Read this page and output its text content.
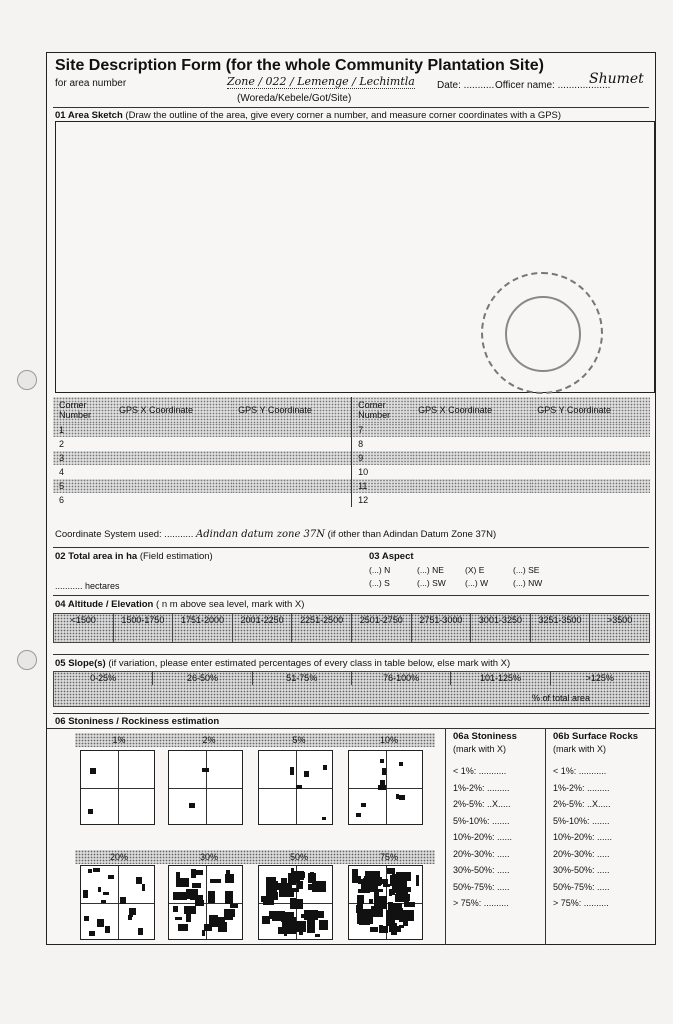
Site Description Form (for the whole Community Plantation Site)
for area number	Zone / 022 / Lemenge / Lechimtla Date: ........... Officer name: ...................
Shumet
(Woreda/Kebele/Got/Site)
01 Area Sketch (Draw the outline of the area, give every corner a number, and measure corner coordinates with a GPS)
Corner Number	GPS X Coordinate	GPS Y Coordinate	Corner Number	GPS X Coordinate	GPS Y Coordinate
1			7		
2			8		
3			9		
4			10		
5			11		
6			12		
Coordinate System used: ........... Adindan datum zone 37N (if other than Adindan Datum Zone 37N)
02 Total area in ha (Field estimation)
........... hectares
03 Aspect
(...) N	(...) NE	(X) E	(...) SE
(...) S	(...) SW	(...) W	(...) NW
04 Altitude / Elevation ( n m above sea level, mark with X)
<1500	1500-1750	1751-2000	2001-2250	2251-2500	2501-2750	2751-3000	3001-3250	3251-3500	>3500
05 Slope(s) (if variation, please enter estimated percentages of every class in table below, else mark with X)
0-25%	26-50%	51-75%	76-100%	101-125%	>125%
% of total area
06 Stoniness / Rockiness estimation
1%	2%	5%	10%
20%	30%	50%	75%
06a Stoniness
(mark with X)
< 1%: ...........
1%-2%: .........
2%-5%: ..X.....
5%-10%: .......
10%-20%: ......
20%-30%: .....
30%-50%: .....
50%-75%: .....
> 75%: ..........
06b Surface Rocks
(mark with X)
< 1%: ...........
1%-2%: .........
2%-5%: ..X.....
5%-10%: .......
10%-20%: ......
20%-30%: .....
30%-50%: .....
50%-75%: .....
> 75%: ..........
